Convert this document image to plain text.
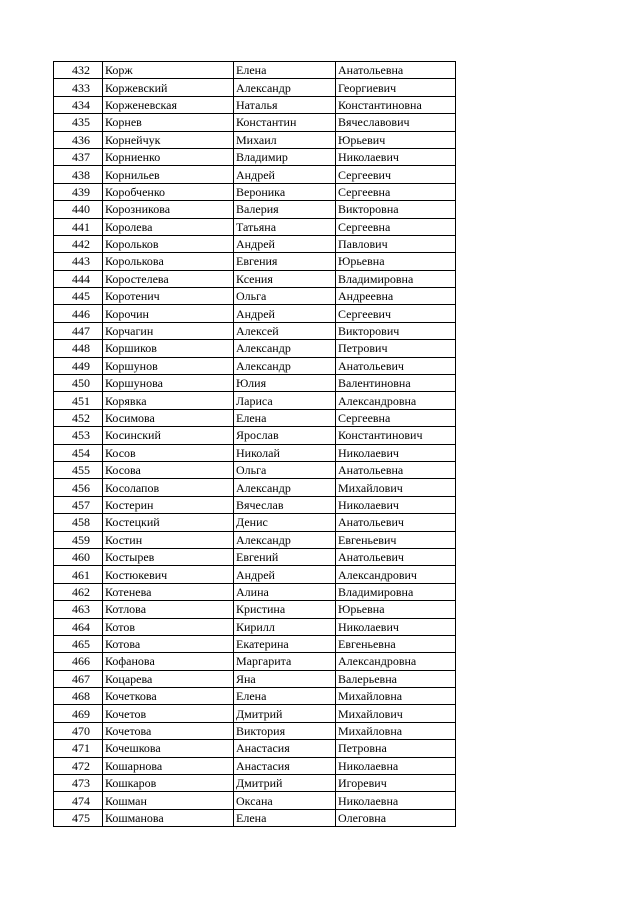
432	Корж	Елена	Анатольевна
433	Коржевский	Александр	Георгиевич
434	Корженевская	Наталья	Константиновна
435	Корнев	Константин	Вячеславович
436	Корнейчук	Михаил	Юрьевич
437	Корниенко	Владимир	Николаевич
438	Корнильев	Андрей	Сергеевич
439	Коробченко	Вероника	Сергеевна
440	Корозникова	Валерия	Викторовна
441	Королева	Татьяна	Сергеевна
442	Корольков	Андрей	Павлович
443	Королькова	Евгения	Юрьевна
444	Коростелева	Ксения	Владимировна
445	Коротенич	Ольга	Андреевна
446	Корочин	Андрей	Сергеевич
447	Корчагин	Алексей	Викторович
448	Коршиков	Александр	Петрович
449	Коршунов	Александр	Анатольевич
450	Коршунова	Юлия	Валентиновна
451	Корявка	Лариса	Александровна
452	Косимова	Елена	Сергеевна
453	Косинский	Ярослав	Константинович
454	Косов	Николай	Николаевич
455	Косова	Ольга	Анатольевна
456	Косолапов	Александр	Михайлович
457	Костерин	Вячеслав	Николаевич
458	Костецкий	Денис	Анатольевич
459	Костин	Александр	Евгеньевич
460	Костырев	Евгений	Анатольевич
461	Костюкевич	Андрей	Александрович
462	Котенева	Алина	Владимировна
463	Котлова	Кристина	Юрьевна
464	Котов	Кирилл	Николаевич
465	Котова	Екатерина	Евгеньевна
466	Кофанова	Маргарита	Александровна
467	Коцарева	Яна	Валерьевна
468	Кочеткова	Елена	Михайловна
469	Кочетов	Дмитрий	Михайлович
470	Кочетова	Виктория	Михайловна
471	Кочешкова	Анастасия	Петровна
472	Кошарнова	Анастасия	Николаевна
473	Кошкаров	Дмитрий	Игоревич
474	Кошман	Оксана	Николаевна
475	Кошманова	Елена	Олеговна
